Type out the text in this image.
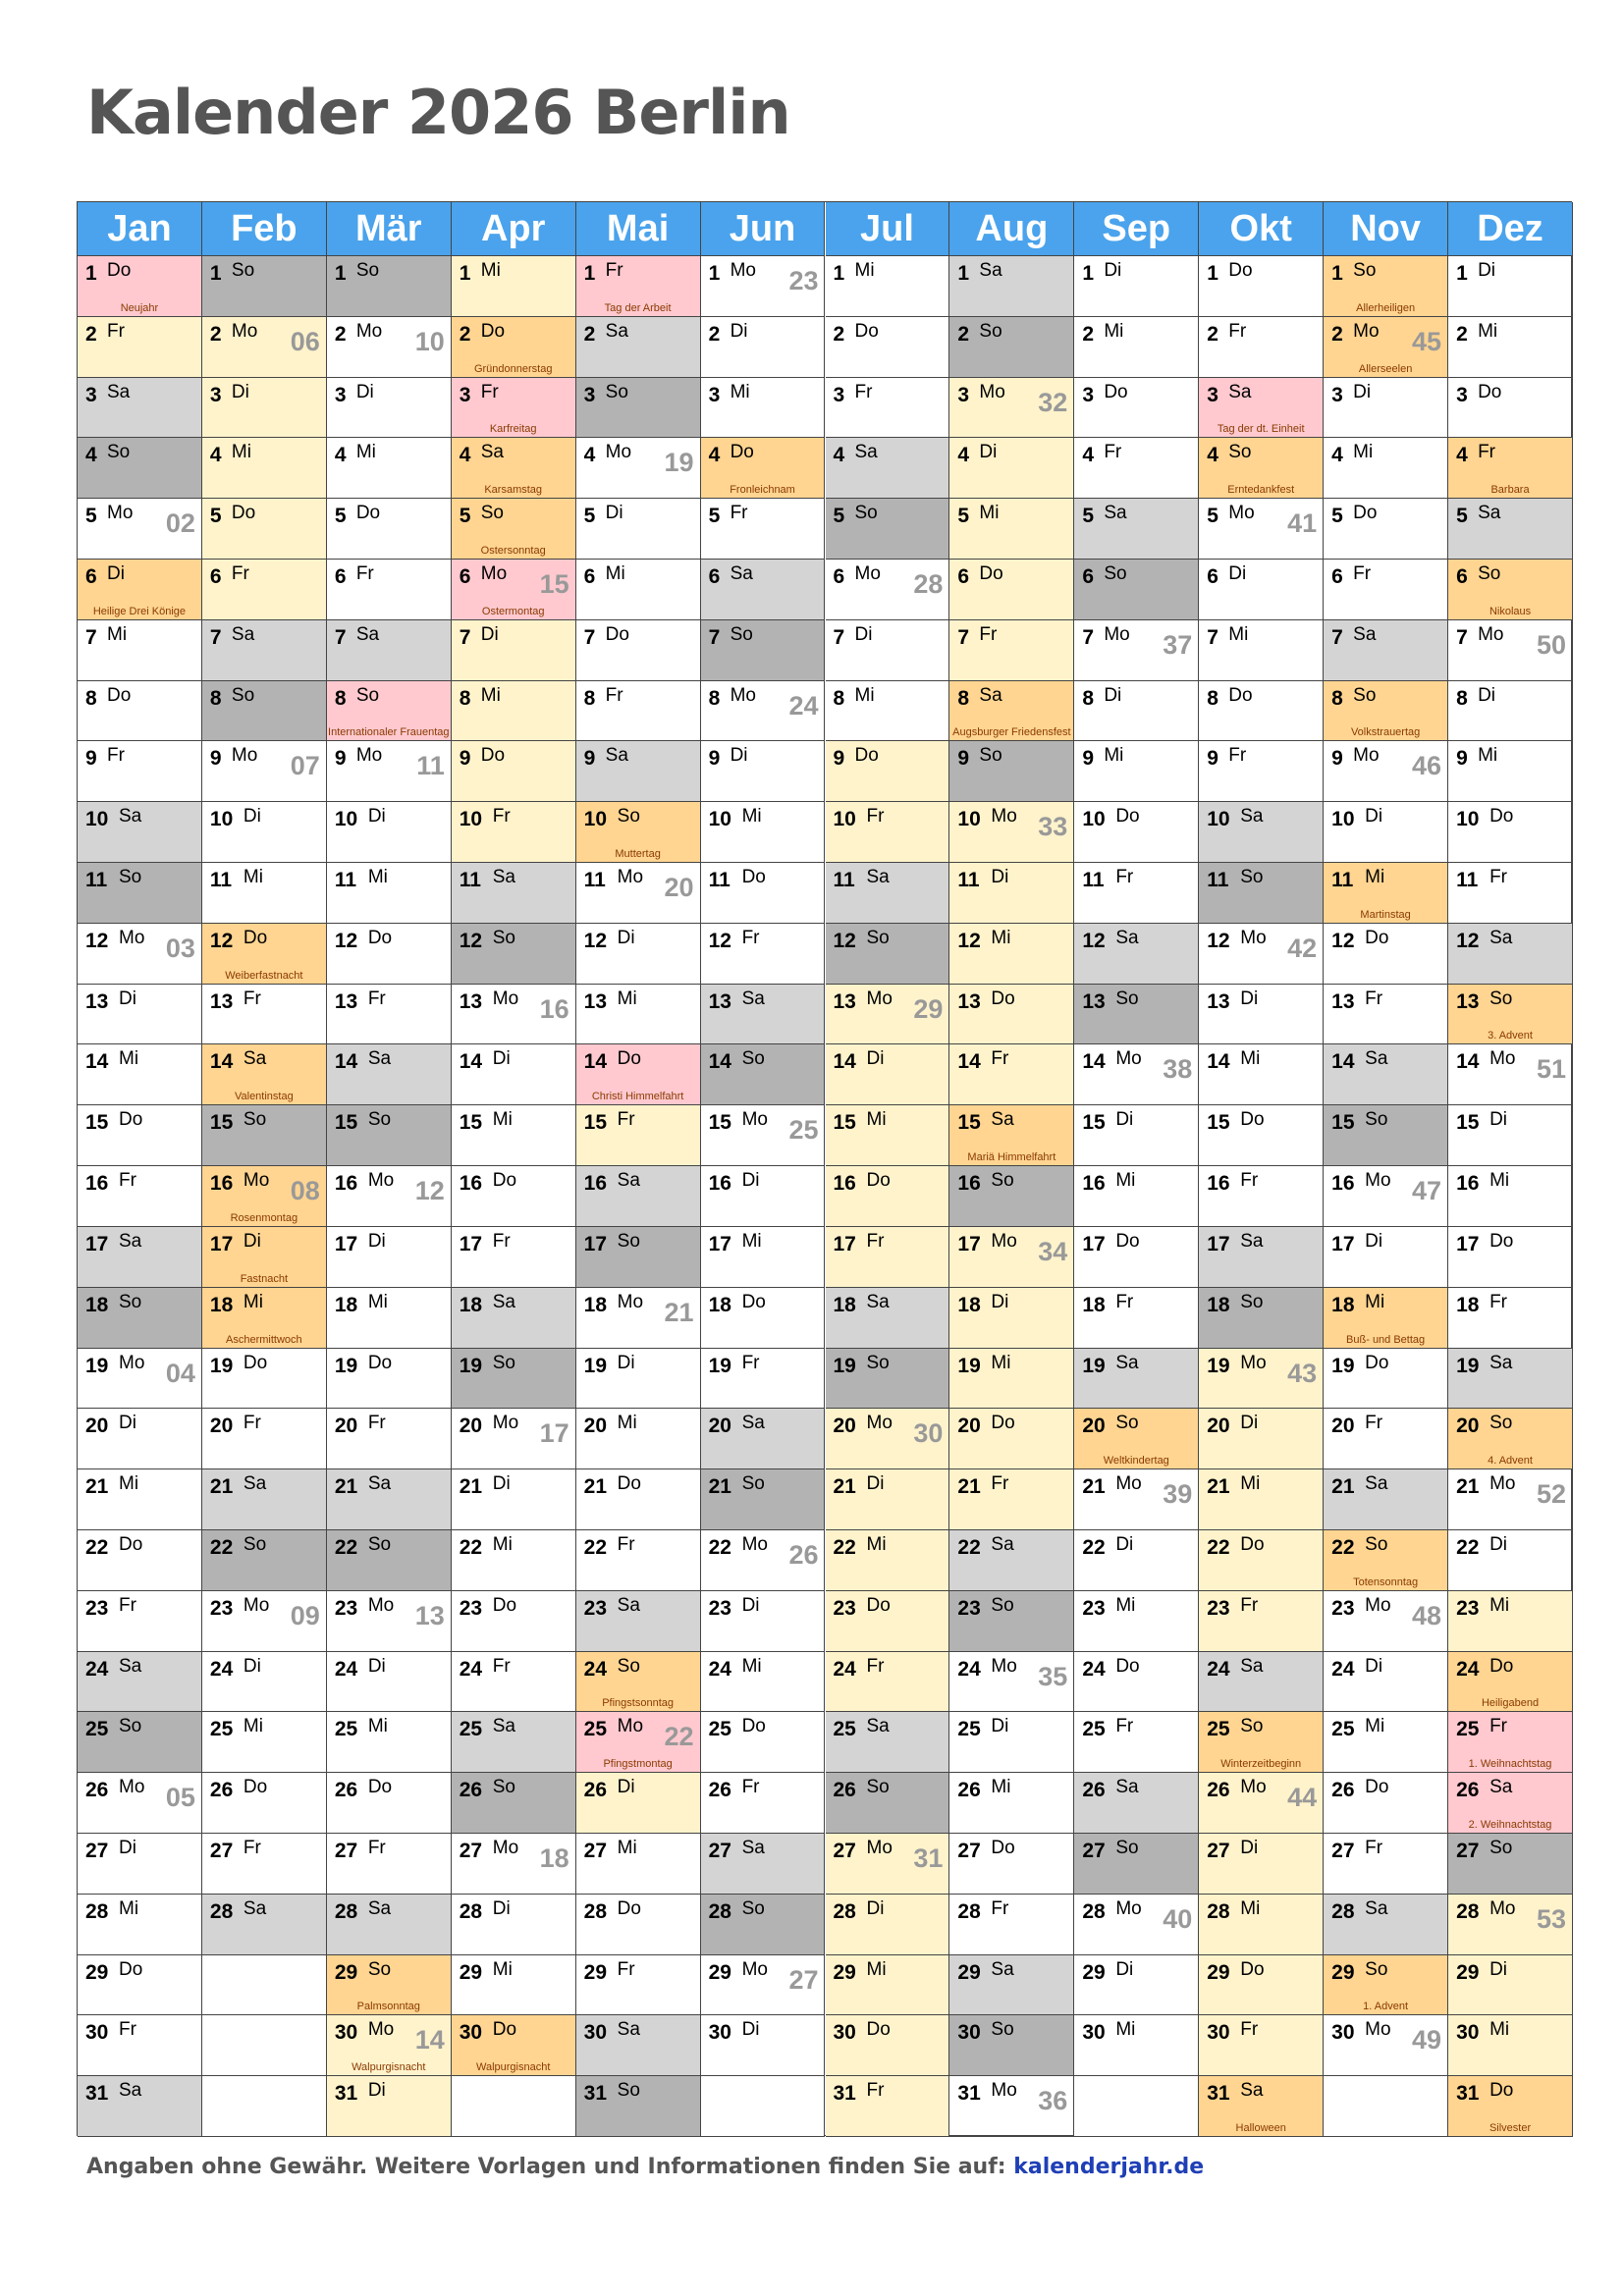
Kalender 2026 Berlin
Jan
1 Do
Neujahr
2 Fr
3 Sa
4 So
5 Mo 02
6 Di
Heilige Drei Könige
7 Mi
8 Do
9 Fr
10 Sa
11 So
12 Mo 03
13 Di
14 Mi
15 Do
16 Fr
17 Sa
18 So
19 Mo 04
20 Di
21 Mi
22 Do
23 Fr
24 Sa
25 So
26 Mo 05
27 Di
28 Mi
29 Do
30 Fr
31 Sa
Feb
1 So
2 Mo 06
3 Di
4 Mi
5 Do
6 Fr
7 Sa
8 So
9 Mo 07
10 Di
11 Mi
12 Do
Weiberfastnacht
13 Fr
14 Sa
Valentinstag
15 So
16 Mo 08
Rosenmontag
17 Di
Fastnacht
18 Mi
Aschermittwoch
19 Do
20 Fr
21 Sa
22 So
23 Mo 09
24 Di
25 Mi
26 Do
27 Fr
28 Sa
Mär
1 So
2 Mo 10
3 Di
4 Mi
5 Do
6 Fr
7 Sa
8 So
Internationaler Frauentag
9 Mo 11
10 Di
11 Mi
12 Do
13 Fr
14 Sa
15 So
16 Mo 12
17 Di
18 Mi
19 Do
20 Fr
21 Sa
22 So
23 Mo 13
24 Di
25 Mi
26 Do
27 Fr
28 Sa
29 So
Palmsonntag
30 Mo 14
Walpurgisnacht
31 Di
Apr
1 Mi
2 Do
Gründonnerstag
3 Fr
Karfreitag
4 Sa
Karsamstag
5 So
Ostersonntag
6 Mo 15
Ostermontag
7 Di
8 Mi
9 Do
10 Fr
11 Sa
12 So
13 Mo 16
14 Di
15 Mi
16 Do
17 Fr
18 Sa
19 So
20 Mo 17
21 Di
22 Mi
23 Do
24 Fr
25 Sa
26 So
27 Mo 18
28 Di
29 Mi
30 Do
Walpurgisnacht
Mai
1 Fr
Tag der Arbeit
2 Sa
3 So
4 Mo 19
5 Di
6 Mi
7 Do
8 Fr
9 Sa
10 So
Muttertag
11 Mo 20
12 Di
13 Mi
14 Do
Christi Himmelfahrt
15 Fr
16 Sa
17 So
18 Mo 21
19 Di
20 Mi
21 Do
22 Fr
23 Sa
24 So
Pfingstsonntag
25 Mo 22
Pfingstmontag
26 Di
27 Mi
28 Do
29 Fr
30 Sa
31 So
Jun
1 Mo 23
2 Di
3 Mi
4 Do
Fronleichnam
5 Fr
6 Sa
7 So
8 Mo 24
9 Di
10 Mi
11 Do
12 Fr
13 Sa
14 So
15 Mo 25
16 Di
17 Mi
18 Do
19 Fr
20 Sa
21 So
22 Mo 26
23 Di
24 Mi
25 Do
26 Fr
27 Sa
28 So
29 Mo 27
30 Di
Jul
1 Mi
2 Do
3 Fr
4 Sa
5 So
6 Mo 28
7 Di
8 Mi
9 Do
10 Fr
11 Sa
12 So
13 Mo 29
14 Di
15 Mi
16 Do
17 Fr
18 Sa
19 So
20 Mo 30
21 Di
22 Mi
23 Do
24 Fr
25 Sa
26 So
27 Mo 31
28 Di
29 Mi
30 Do
31 Fr
Aug
1 Sa
2 So
3 Mo 32
4 Di
5 Mi
6 Do
7 Fr
8 Sa
Augsburger Friedensfest
9 So
10 Mo 33
11 Di
12 Mi
13 Do
14 Fr
15 Sa
Mariä Himmelfahrt
16 So
17 Mo 34
18 Di
19 Mi
20 Do
21 Fr
22 Sa
23 So
24 Mo 35
25 Di
26 Mi
27 Do
28 Fr
29 Sa
30 So
31 Mo 36
Sep
1 Di
2 Mi
3 Do
4 Fr
5 Sa
6 So
7 Mo 37
8 Di
9 Mi
10 Do
11 Fr
12 Sa
13 So
14 Mo 38
15 Di
16 Mi
17 Do
18 Fr
19 Sa
20 So
Weltkindertag
21 Mo 39
22 Di
23 Mi
24 Do
25 Fr
26 Sa
27 So
28 Mo 40
29 Di
30 Mi
Okt
1 Do
2 Fr
3 Sa
Tag der dt. Einheit
4 So
Erntedankfest
5 Mo 41
6 Di
7 Mi
8 Do
9 Fr
10 Sa
11 So
12 Mo 42
13 Di
14 Mi
15 Do
16 Fr
17 Sa
18 So
19 Mo 43
20 Di
21 Mi
22 Do
23 Fr
24 Sa
25 So
Winterzeitbeginn
26 Mo 44
27 Di
28 Mi
29 Do
30 Fr
31 Sa
Halloween
Nov
1 So
Allerheiligen
2 Mo 45
Allerseelen
3 Di
4 Mi
5 Do
6 Fr
7 Sa
8 So
Volkstrauertag
9 Mo 46
10 Di
11 Mi
Martinstag
12 Do
13 Fr
14 Sa
15 So
16 Mo 47
17 Di
18 Mi
Buß- und Bettag
19 Do
20 Fr
21 Sa
22 So
Totensonntag
23 Mo 48
24 Di
25 Mi
26 Do
27 Fr
28 Sa
29 So
1. Advent
30 Mo 49
Dez
1 Di
2 Mi
3 Do
4 Fr
Barbara
5 Sa
6 So
Nikolaus
7 Mo 50
8 Di
9 Mi
10 Do
11 Fr
12 Sa
13 So
3. Advent
14 Mo 51
15 Di
16 Mi
17 Do
18 Fr
19 Sa
20 So
4. Advent
21 Mo 52
22 Di
23 Mi
24 Do
Heiligabend
25 Fr
1. Weihnachtstag
26 Sa
2. Weihnachtstag
27 So
28 Mo 53
29 Di
30 Mi
31 Do
Silvester
Angaben ohne Gewähr. Weitere Vorlagen und Informationen finden Sie auf: kalenderjahr.de
